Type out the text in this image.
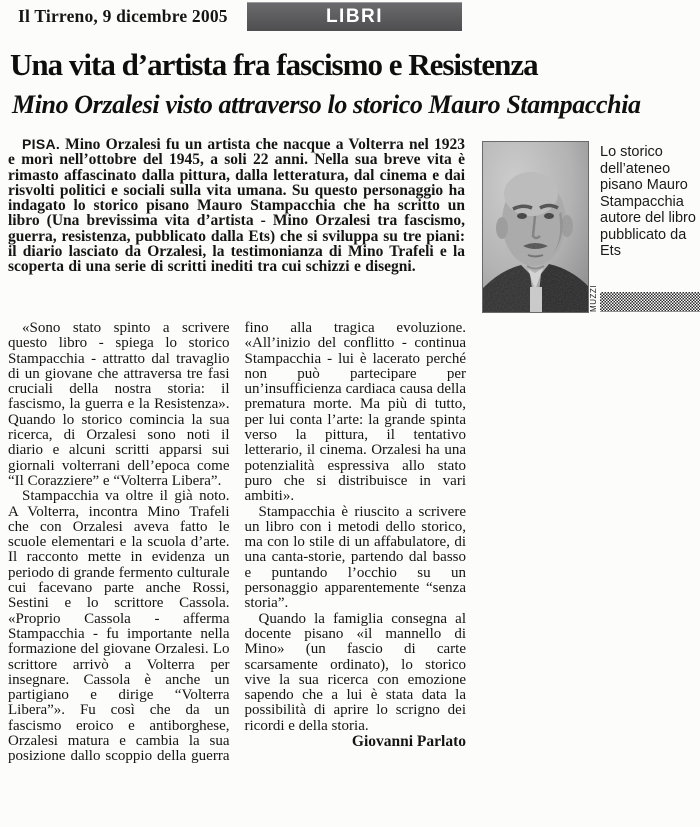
Il Tirreno, 9 dicembre 2005	LIBRI
Una vita d’artista fra fascismo e Resistenza
Mino Orzalesi visto attraverso lo storico Mauro Stampacchia
PISA. Mino Orzalesi fu un artista che nacque a Volterra nel 1923 e morì nell’ottobre del 1945, a soli 22 anni. Nella sua breve vita è rimasto affascinato dalla pittura, dalla letteratura, dal cinema e dai risvolti politici e sociali sulla vita umana. Su questo personaggio ha indagato lo storico pisano Mauro Stampacchia che ha scritto un libro (Una brevissima vita d’artista - Mino Orzalesi tra fascismo, guerra, resistenza, pubblicato dalla Ets) che si sviluppa su tre piani: il diario lasciato da Orzalesi, la testimonianza di Mino Trafeli e la scoperta di una serie di scritti inediti tra cui schizzi e disegni.

«Sono stato spinto a scrivere questo libro - spiega lo storico Stampacchia - attratto dal travaglio di un giovane che attraversa tre fasi cruciali della nostra storia: il fascismo, la guerra e la Resistenza». Quando lo storico comincia la sua ricerca, di Orzalesi sono noti il diario e alcuni scritti apparsi sui giornali volterrani dell’epoca come “Il Corazziere” e “Volterra Libera”.

Stampacchia va oltre il già noto. A Volterra, incontra Mino Trafeli che con Orzalesi aveva fatto le scuole elementari e la scuola d’arte. Il racconto mette in evidenza un periodo di grande fermento culturale cui facevano parte anche Rossi, Sestini e lo scrittore Cassola. «Proprio Cassola - afferma Stampacchia - fu importante nella formazione del giovane Orzalesi. Lo scrittore arrivò a Volterra per insegnare. Cassola è anche un partigiano e dirige “Volterra Libera”». Fu così che da un fascismo eroico e antiborghese, Orzalesi matura e cambia la sua posizione dallo scoppio della guerra fino alla tragica evoluzione. «All’inizio del conflitto - continua Stampacchia - lui è lacerato perché non può partecipare per un’insufficienza cardiaca causa della prematura morte. Ma più di tutto, per lui conta l’arte: la grande spinta verso la pittura, il tentativo letterario, il cinema. Orzalesi ha una potenzialità espressiva allo stato puro che si distribuisce in vari ambiti».

Stampacchia è riuscito a scrivere un libro con i metodi dello storico, ma con lo stile di un affabulatore, di una canta-storie, partendo dal basso e puntando l’occhio su un personaggio apparentemente “senza storia”.

Quando la famiglia consegna al docente pisano «il mannello di Mino» (un fascio di carte scarsamente ordinato), lo storico vive la sua ricerca con emozione sapendo che a lui è stata data la possibilità di aprire lo scrigno dei ricordi e della storia.

Giovanni Parlato

MUZZI
Lo storico dell’ateneo pisano Mauro Stampacchia autore del libro pubblicato da Ets
